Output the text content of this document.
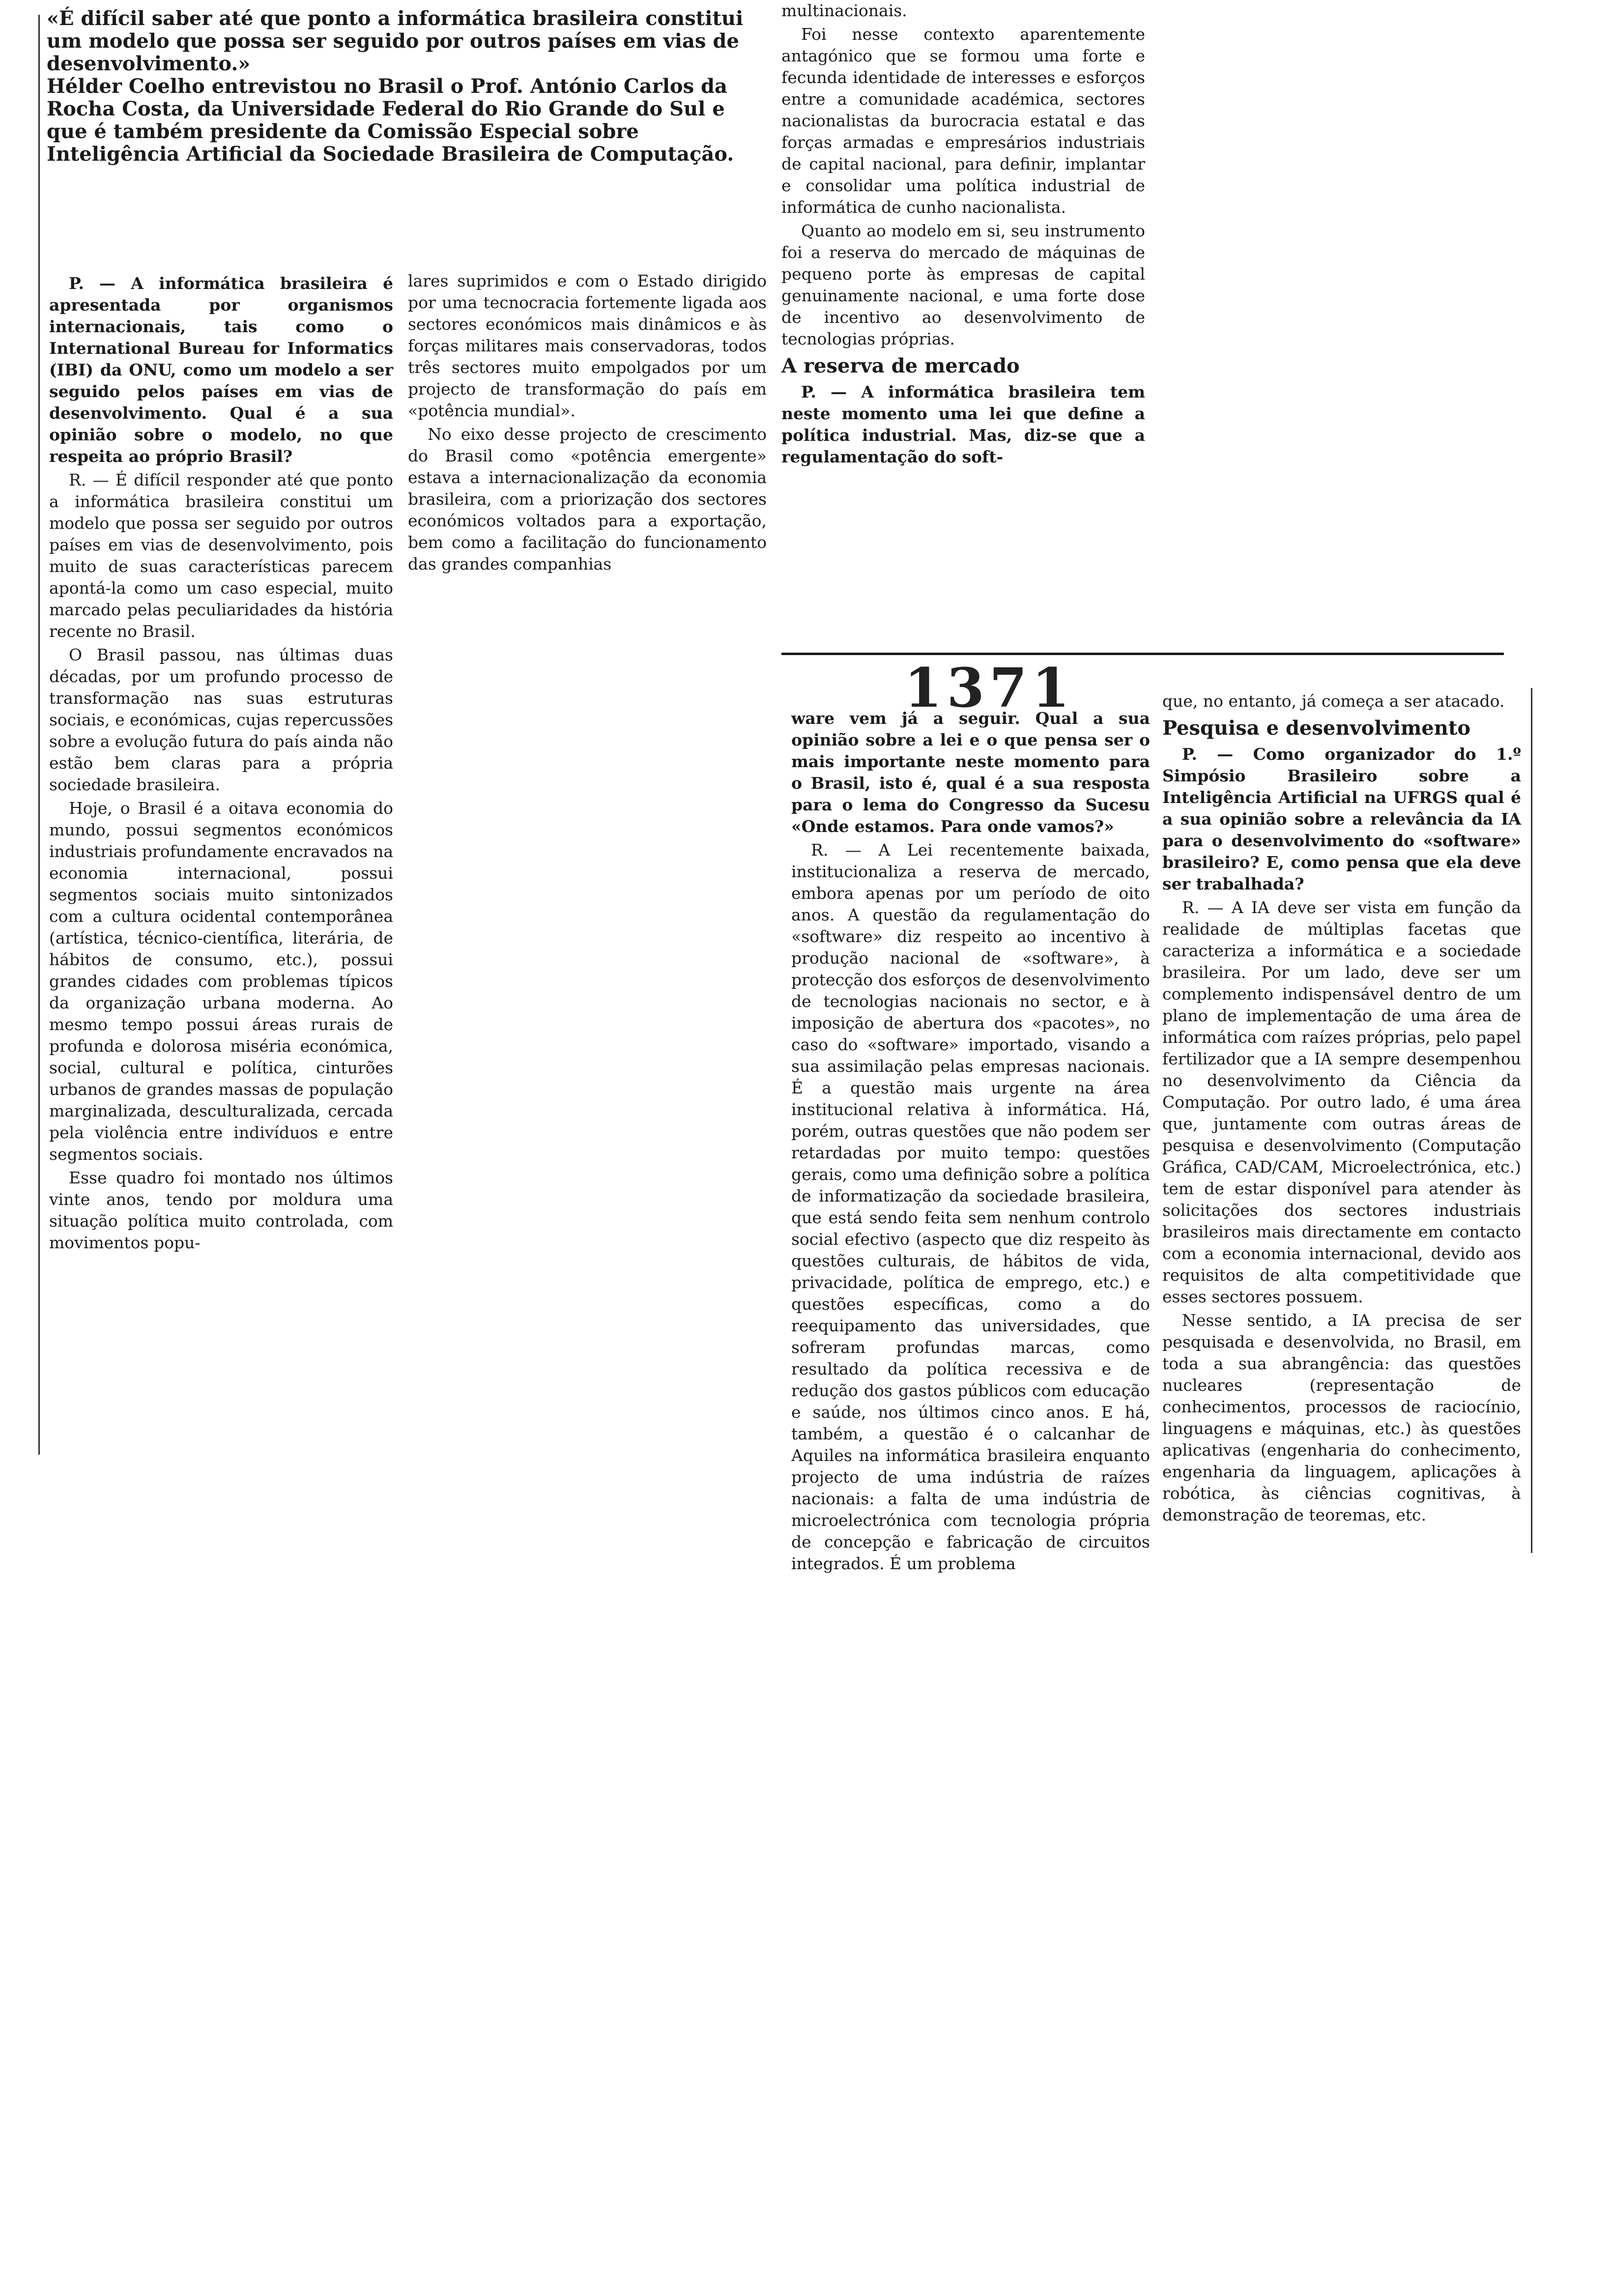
«É difícil saber até que ponto a informática brasileira constitui um modelo que possa ser seguido por outros países em vias de desenvolvimento.»

Hélder Coelho entrevistou no Brasil o Prof. António Carlos da Rocha Costa, da Universidade Federal do Rio Grande do Sul e que é também presidente da Comissão Especial sobre Inteligência Artificial da Sociedade Brasileira de Computação.

P. — A informática brasileira é apresentada por organismos internacionais, tais como o International Bureau for Informatics (IBI) da ONU, como um modelo a ser seguido pelos países em vias de desenvolvimento. Qual é a sua opinião sobre o modelo, no que respeita ao próprio Brasil?

R. — É difícil responder até que ponto a informática brasileira constitui um modelo que possa ser seguido por outros países em vias de desenvolvimento, pois muito de suas características parecem apontá-la como um caso especial, muito marcado pelas peculiaridades da história recente no Brasil.

O Brasil passou, nas últimas duas décadas, por um profundo processo de transformação nas suas estruturas sociais, e económicas, cujas repercussões sobre a evolução futura do país ainda não estão bem claras para a própria sociedade brasileira.

Hoje, o Brasil é a oitava economia do mundo, possui segmentos económicos industriais profundamente encravados na economia internacional, possui segmentos sociais muito sintonizados com a cultura ocidental contemporânea (artística, técnico-científica, literária, de hábitos de consumo, etc.), possui grandes cidades com problemas típicos da organização urbana moderna. Ao mesmo tempo possui áreas rurais de profunda e dolorosa miséria económica, social, cultural e política, cinturões urbanos de grandes massas de população marginalizada, desculturalizada, cercada pela violência entre indivíduos e entre segmentos sociais.

Esse quadro foi montado nos últimos vinte anos, tendo por moldura uma situação política muito controlada, com movimentos popu-

lares suprimidos e com o Estado dirigido por uma tecnocracia fortemente ligada aos sectores económicos mais dinâmicos e às forças militares mais conservadoras, todos três sectores muito empolgados por um projecto de transformação do país em «potência mundial».

No eixo desse projecto de crescimento do Brasil como «potência emergente» estava a internacionalização da economia brasileira, com a priorização dos sectores económicos voltados para a exportação, bem como a facilitação do funcionamento das grandes companhias

multinacionais.

Foi nesse contexto aparentemente antagónico que se formou uma forte e fecunda identidade de interesses e esforços entre a comunidade académica, sectores nacionalistas da burocracia estatal e das forças armadas e empresários industriais de capital nacional, para definir, implantar e consolidar uma política industrial de informática de cunho nacionalista.

Quanto ao modelo em si, seu instrumento foi a reserva do mercado de máquinas de pequeno porte às empresas de capital genuinamente nacional, e uma forte dose de incentivo ao desenvolvimento de tecnologias próprias.

A reserva de mercado

P. — A informática brasileira tem neste momento uma lei que define a política industrial. Mas, diz-se que a regulamentação do soft-

1371

ware vem já a seguir. Qual a sua opinião sobre a lei e o que pensa ser o mais importante neste momento para o Brasil, isto é, qual é a sua resposta para o lema do Congresso da Sucesu «Onde estamos. Para onde vamos?»

R. — A Lei recentemente baixada, institucionaliza a reserva de mercado, embora apenas por um período de oito anos. A questão da regulamentação do «software» diz respeito ao incentivo à produção nacional de «software», à protecção dos esforços de desenvolvimento de tecnologias nacionais no sector, e à imposição de abertura dos «pacotes», no caso do «software» importado, visando a sua assimilação pelas empresas nacionais. É a questão mais urgente na área institucional relativa à informática. Há, porém, outras questões que não podem ser retardadas por muito tempo: questões gerais, como uma definição sobre a política de informatização da sociedade brasileira, que está sendo feita sem nenhum controlo social efectivo (aspecto que diz respeito às questões culturais, de hábitos de vida, privacidade, política de emprego, etc.) e questões específicas, como a do reequipamento das universidades, que sofreram profundas marcas, como resultado da política recessiva e de redução dos gastos públicos com educação e saúde, nos últimos cinco anos. E há, também, a questão é o calcanhar de Aquiles na informática brasileira enquanto projecto de uma indústria de raízes nacionais: a falta de uma indústria de microelectrónica com tecnologia própria de concepção e fabricação de circuitos integrados. É um problema

que, no entanto, já começa a ser atacado.

Pesquisa e desenvolvimento

P. — Como organizador do 1.º Simpósio Brasileiro sobre a Inteligência Artificial na UFRGS qual é a sua opinião sobre a relevância da IA para o desenvolvimento do «software» brasileiro? E, como pensa que ela deve ser trabalhada?

R. — A IA deve ser vista em função da realidade de múltiplas facetas que caracteriza a informática e a sociedade brasileira. Por um lado, deve ser um complemento indispensável dentro de um plano de implementação de uma área de informática com raízes próprias, pelo papel fertilizador que a IA sempre desempenhou no desenvolvimento da Ciência da Computação. Por outro lado, é uma área que, juntamente com outras áreas de pesquisa e desenvolvimento (Computação Gráfica, CAD/CAM, Microelectrónica, etc.) tem de estar disponível para atender às solicitações dos sectores industriais brasileiros mais directamente em contacto com a economia internacional, devido aos requisitos de alta competitividade que esses sectores possuem.

Nesse sentido, a IA precisa de ser pesquisada e desenvolvida, no Brasil, em toda a sua abrangência: das questões nucleares (representação de conhecimentos, processos de raciocínio, linguagens e máquinas, etc.) às questões aplicativas (engenharia do conhecimento, engenharia da linguagem, aplicações à robótica, às ciências cognitivas, à demonstração de teoremas, etc.
